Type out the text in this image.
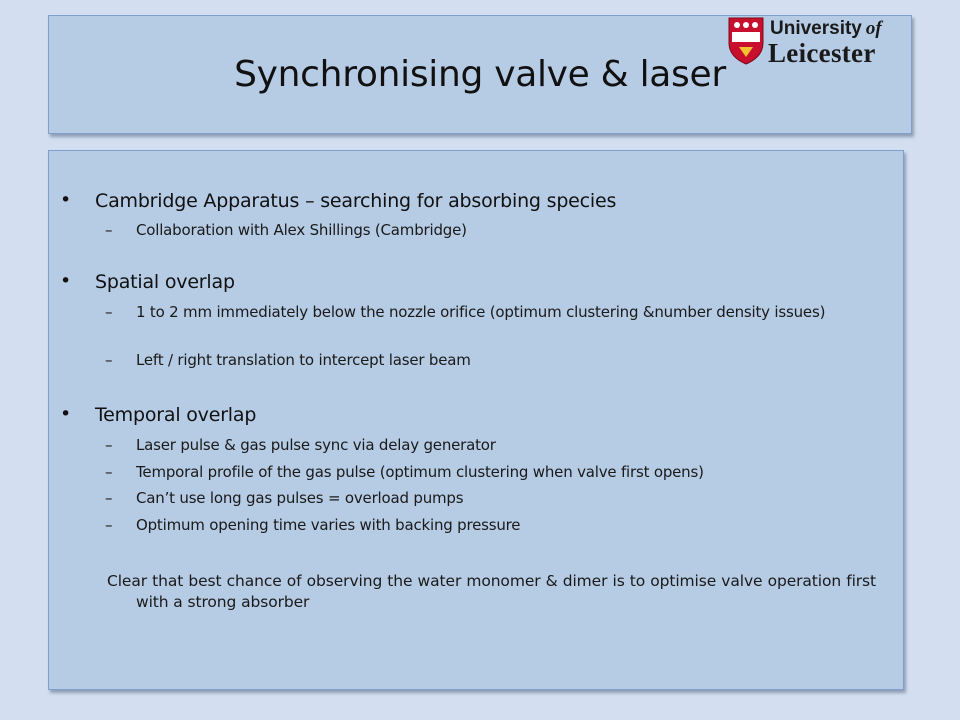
Synchronising valve & laser
University of
Leicester
• Cambridge Apparatus – searching for absorbing species
– Collaboration with Alex Shillings (Cambridge)
• Spatial overlap
– 1 to 2 mm immediately below the nozzle orifice (optimum clustering &number density issues)
– Left / right translation to intercept laser beam
• Temporal overlap
– Laser pulse & gas pulse sync via delay generator
– Temporal profile of the gas pulse (optimum clustering when valve first opens)
– Can’t use long gas pulses = overload pumps
– Optimum opening time varies with backing pressure
Clear that best chance of observing the water monomer & dimer is to optimise valve operation first with a strong absorber
